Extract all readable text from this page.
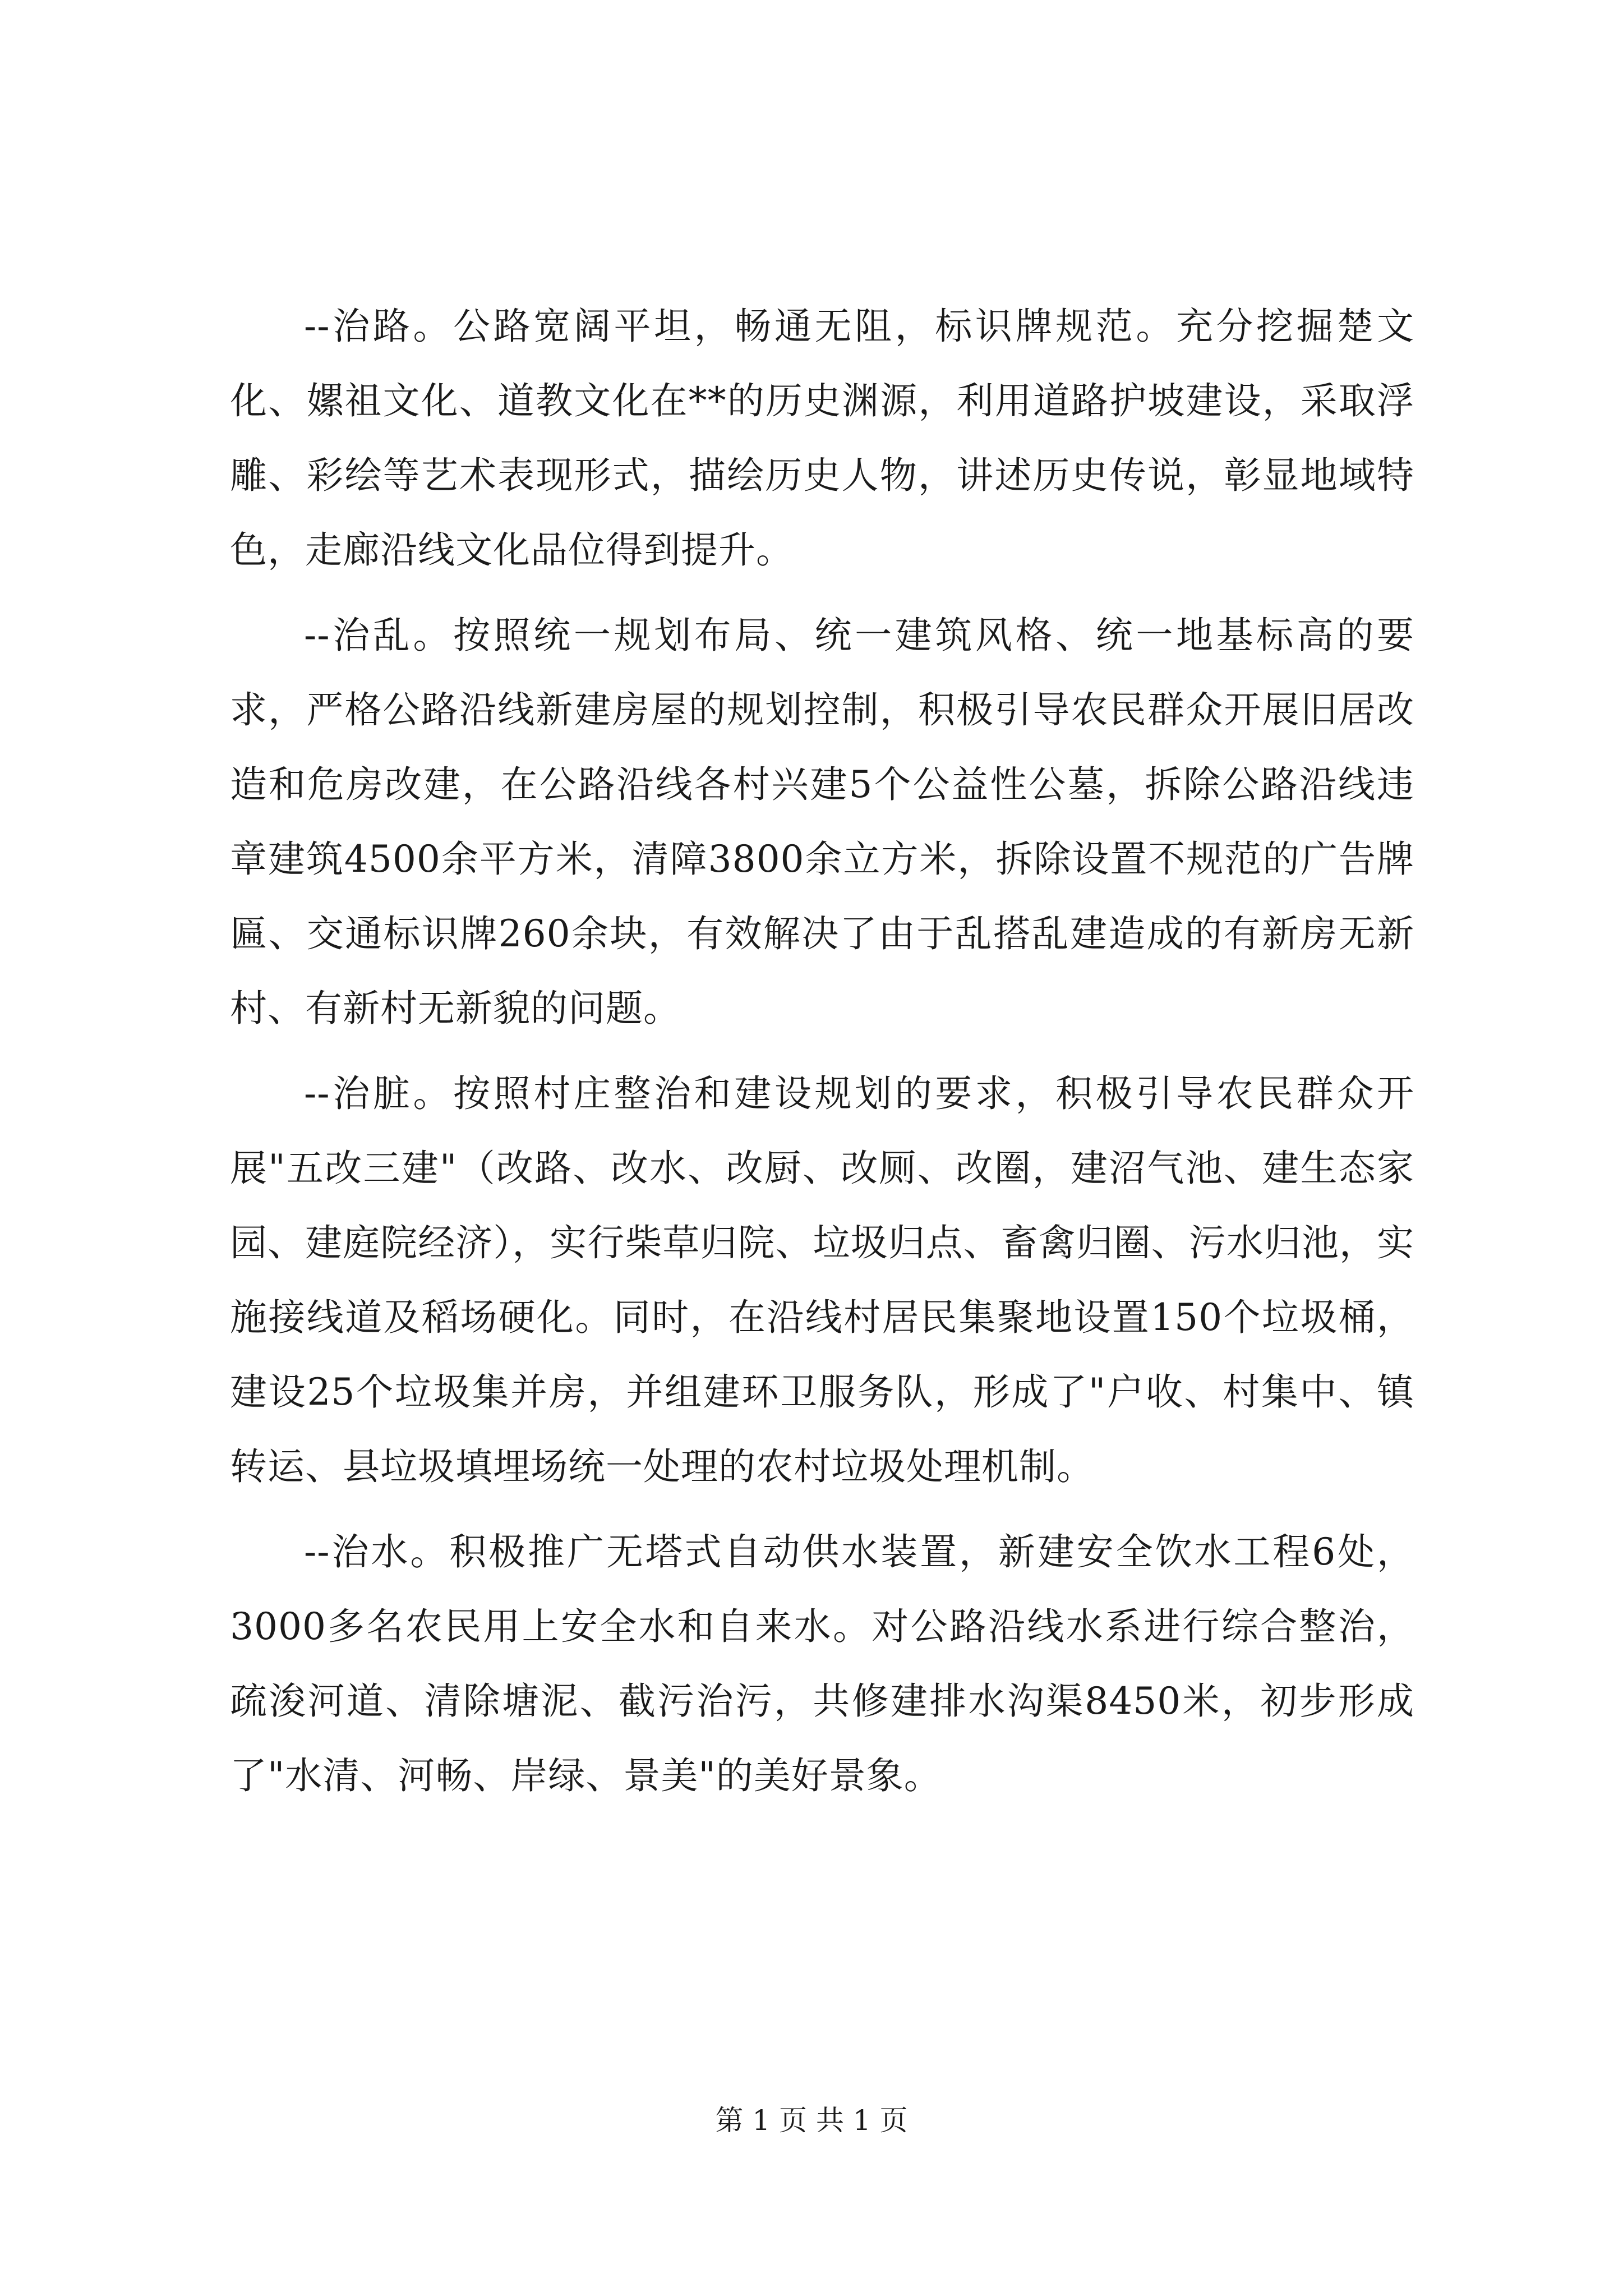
--治路。公路宽阔平坦，畅通无阻，标识牌规范。充分挖掘楚文化、嫘祖文化、道教文化在**的历史渊源，利用道路护坡建设，采取浮雕、彩绘等艺术表现形式，描绘历史人物，讲述历史传说，彰显地域特色，走廊沿线文化品位得到提升。

--治乱。按照统一规划布局、统一建筑风格、统一地基标高的要求，严格公路沿线新建房屋的规划控制，积极引导农民群众开展旧居改造和危房改建，在公路沿线各村兴建5个公益性公墓，拆除公路沿线违章建筑4500余平方米，清障3800余立方米，拆除设置不规范的广告牌匾、交通标识牌260余块，有效解决了由于乱搭乱建造成的有新房无新村、有新村无新貌的问题。

--治脏。按照村庄整治和建设规划的要求，积极引导农民群众开展"五改三建"（改路、改水、改厨、改厕、改圈，建沼气池、建生态家园、建庭院经济），实行柴草归院、垃圾归点、畜禽归圈、污水归池，实施接线道及稻场硬化。同时，在沿线村居民集聚地设置150个垃圾桶，建设25个垃圾集并房，并组建环卫服务队，形成了"户收、村集中、镇转运、县垃圾填埋场统一处理的农村垃圾处理机制。

--治水。积极推广无塔式自动供水装置，新建安全饮水工程6处，3000多名农民用上安全水和自来水。对公路沿线水系进行综合整治，疏浚河道、清除塘泥、截污治污，共修建排水沟渠8450米，初步形成了"水清、河畅、岸绿、景美"的美好景象。

第 1 页 共 1 页
